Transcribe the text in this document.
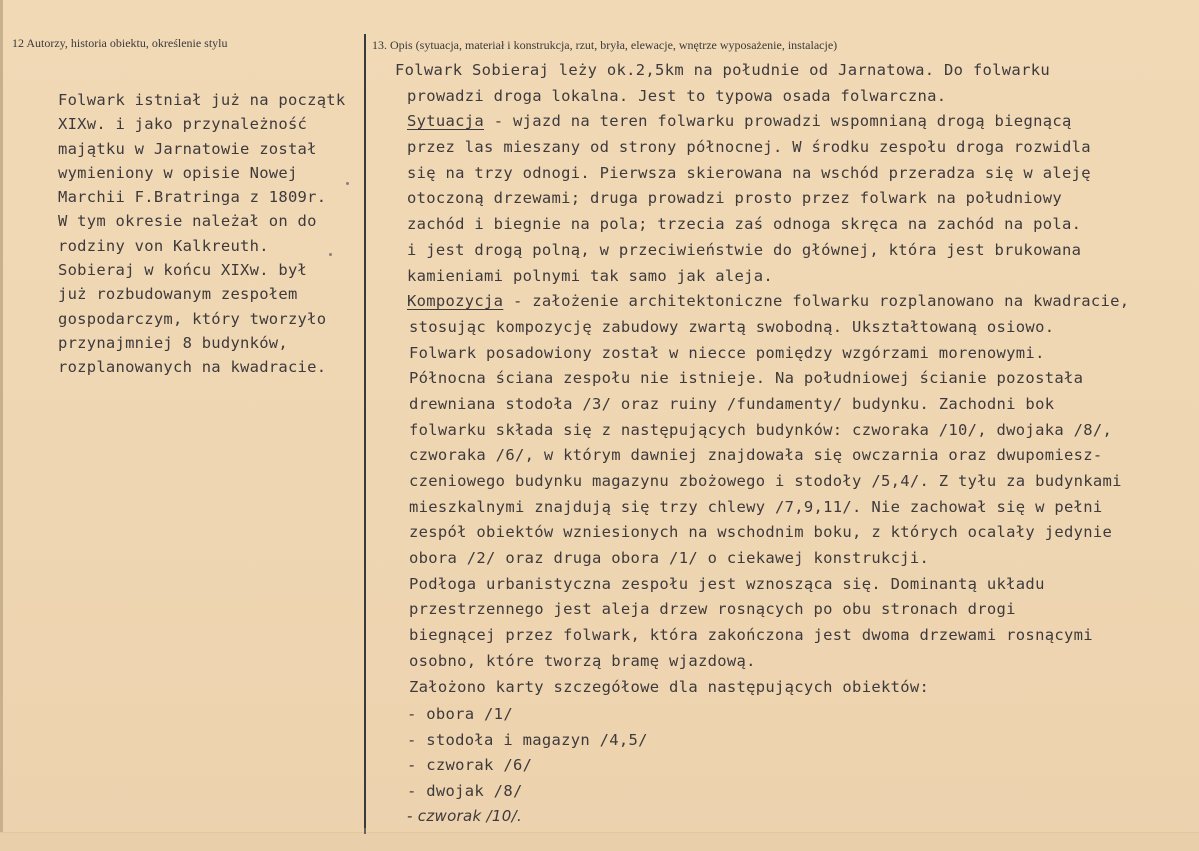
12 Autorzy, historia obiektu, określenie stylu	13. Opis (sytuacja, materiał i konstrukcja, rzut, bryła, elewacje, wnętrze wyposażenie, instalacje)
Folwark istniał już na początk
XIXw. i jako przynależność
majątku w Jarnatowie został
wymieniony w opisie Nowej
Marchii F.Bratringa z 1809r.
W tym okresie należał on do
rodziny von Kalkreuth.
Sobieraj w końcu XIXw. był
już rozbudowanym zespołem
gospodarczym, który tworzyło
przynajmniej 8 budynków,
rozplanowanych na kwadracie.
Folwark Sobieraj leży ok.2,5km na południe od Jarnatowa. Do folwarku
prowadzi droga lokalna. Jest to typowa osada folwarczna.
Sytuacja - wjazd na teren folwarku prowadzi wspomnianą drogą biegnącą
przez las mieszany od strony północnej. W środku zespołu droga rozwidla
się na trzy odnogi. Pierwsza skierowana na wschód przeradza się w aleję
otoczoną drzewami; druga prowadzi prosto przez folwark na południowy
zachód i biegnie na pola; trzecia zaś odnoga skręca na zachód na pola.
i jest drogą polną, w przeciwieństwie do głównej, która jest brukowana
kamieniami polnymi tak samo jak aleja.
Kompozycja - założenie architektoniczne folwarku rozplanowano na kwadracie,
stosując kompozycję zabudowy zwartą swobodną. Ukształtowaną osiowo.
Folwark posadowiony został w niecce pomiędzy wzgórzami morenowymi.
Północna ściana zespołu nie istnieje. Na południowej ścianie pozostała
drewniana stodoła /3/ oraz ruiny /fundamenty/ budynku. Zachodni bok
folwarku składa się z następujących budynków: czworaka /10/, dwojaka /8/,
czworaka /6/, w którym dawniej znajdowała się owczarnia oraz dwupomiesz-
czeniowego budynku magazynu zbożowego i stodoły /5,4/. Z tyłu za budynkami
mieszkalnymi znajdują się trzy chlewy /7,9,11/. Nie zachował się w pełni
zespół obiektów wzniesionych na wschodnim boku, z których ocalały jedynie
obora /2/ oraz druga obora /1/ o ciekawej konstrukcji.
Podłoga urbanistyczna zespołu jest wznosząca się. Dominantą układu
przestrzennego jest aleja drzew rosnących po obu stronach drogi
biegnącej przez folwark, która zakończona jest dwoma drzewami rosnącymi
osobno, które tworzą bramę wjazdową.
Założono karty szczegółowe dla następujących obiektów:
- obora /1/
- stodoła i magazyn /4,5/
- czworak /6/
- dwojak /8/
- czworak /10/.
